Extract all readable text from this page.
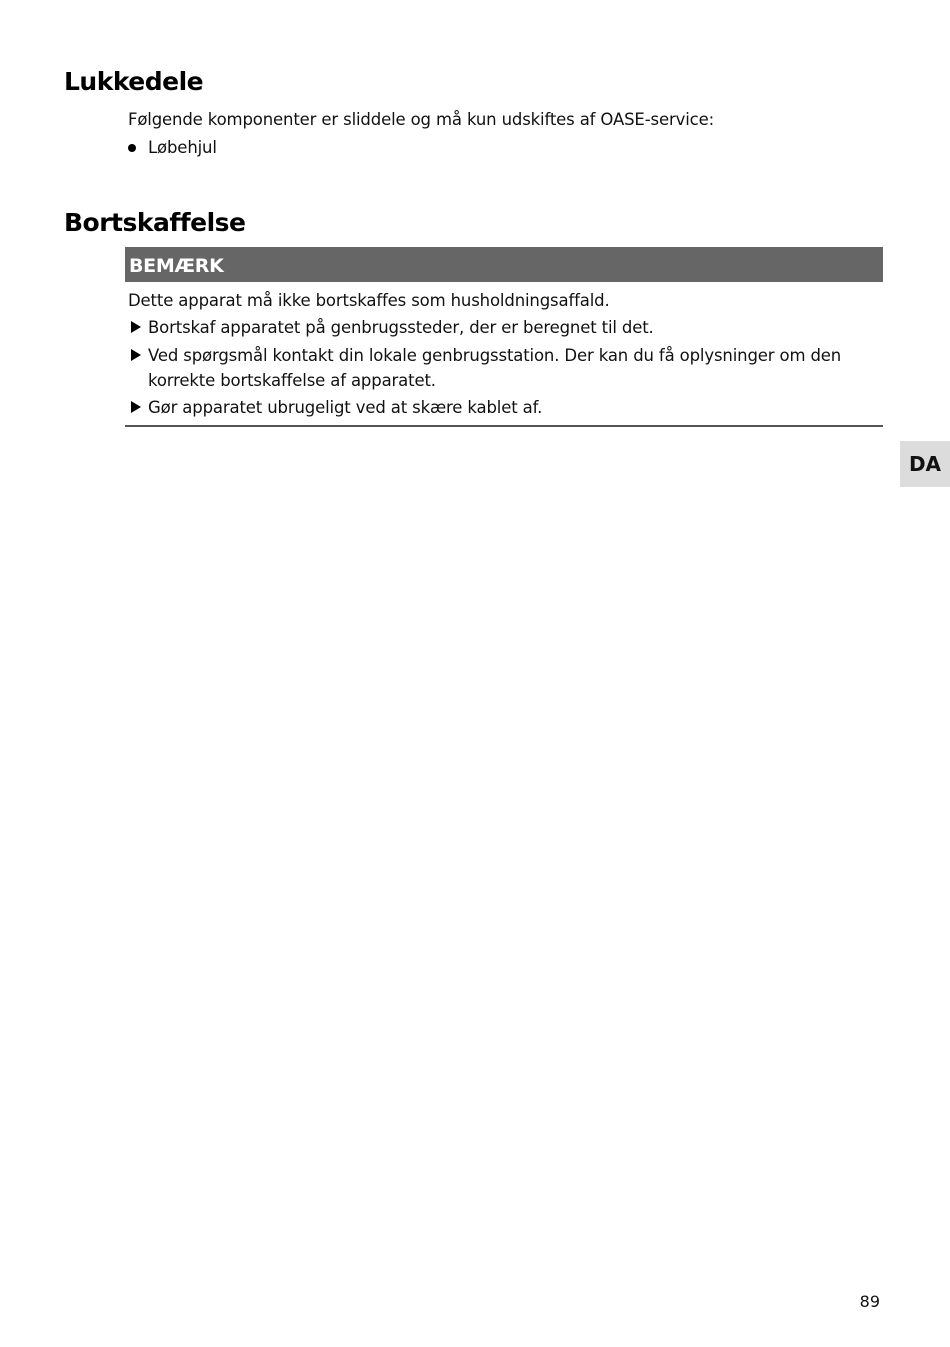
Lukkedele
Følgende komponenter er sliddele og må kun udskiftes af OASE-service:
Løbehjul
Bortskaffelse
BEMÆRK
Dette apparat må ikke bortskaffes som husholdningsaffald.
Bortskaf apparatet på genbrugssteder, der er beregnet til det.
Ved spørgsmål kontakt din lokale genbrugsstation. Der kan du få oplysninger om den korrekte bortskaffelse af apparatet.
Gør apparatet ubrugeligt ved at skære kablet af.
DA
89
